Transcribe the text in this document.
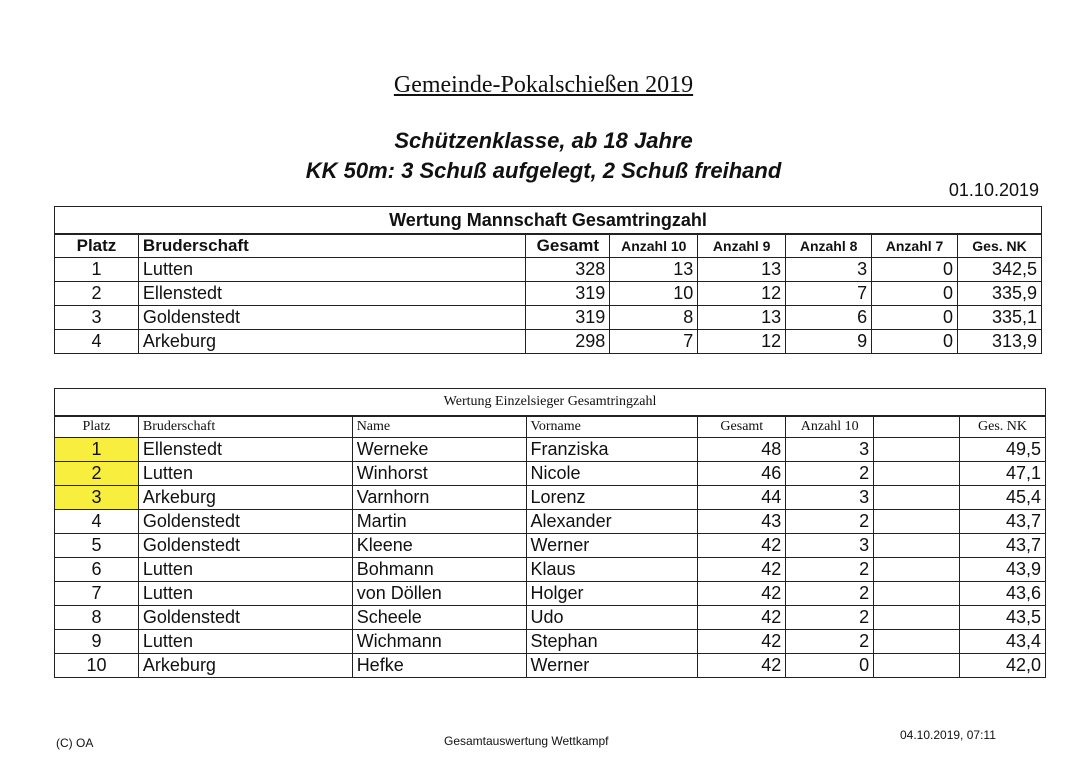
Gemeinde-Pokalschießen 2019
Schützenklasse, ab 18 Jahre
KK 50m: 3 Schuß aufgelegt, 2 Schuß freihand
01.10.2019
Wertung Mannschaft Gesamtringzahl							
Platz	Bruderschaft	Gesamt	Anzahl 10	Anzahl 9	Anzahl 8	Anzahl 7	Ges. NK
1	Lutten	328	13	13	3	0	342,5
2	Ellenstedt	319	10	12	7	0	335,9
3	Goldenstedt	319	8	13	6	0	335,1
4	Arkeburg	298	7	12	9	0	313,9
Wertung Einzelsieger Gesamtringzahl							
Platz	Bruderschaft	Name	Vorname	Gesamt	Anzahl 10		Ges. NK
1	Ellenstedt	Werneke	Franziska	48	3		49,5
2	Lutten	Winhorst	Nicole	46	2		47,1
3	Arkeburg	Varnhorn	Lorenz	44	3		45,4
4	Goldenstedt	Martin	Alexander	43	2		43,7
5	Goldenstedt	Kleene	Werner	42	3		43,7
6	Lutten	Bohmann	Klaus	42	2		43,9
7	Lutten	von Döllen	Holger	42	2		43,6
8	Goldenstedt	Scheele	Udo	42	2		43,5
9	Lutten	Wichmann	Stephan	42	2		43,4
10	Arkeburg	Hefke	Werner	42	0		42,0
(C) OA	Gesamtauswertung Wettkampf	04.10.2019, 07:11
